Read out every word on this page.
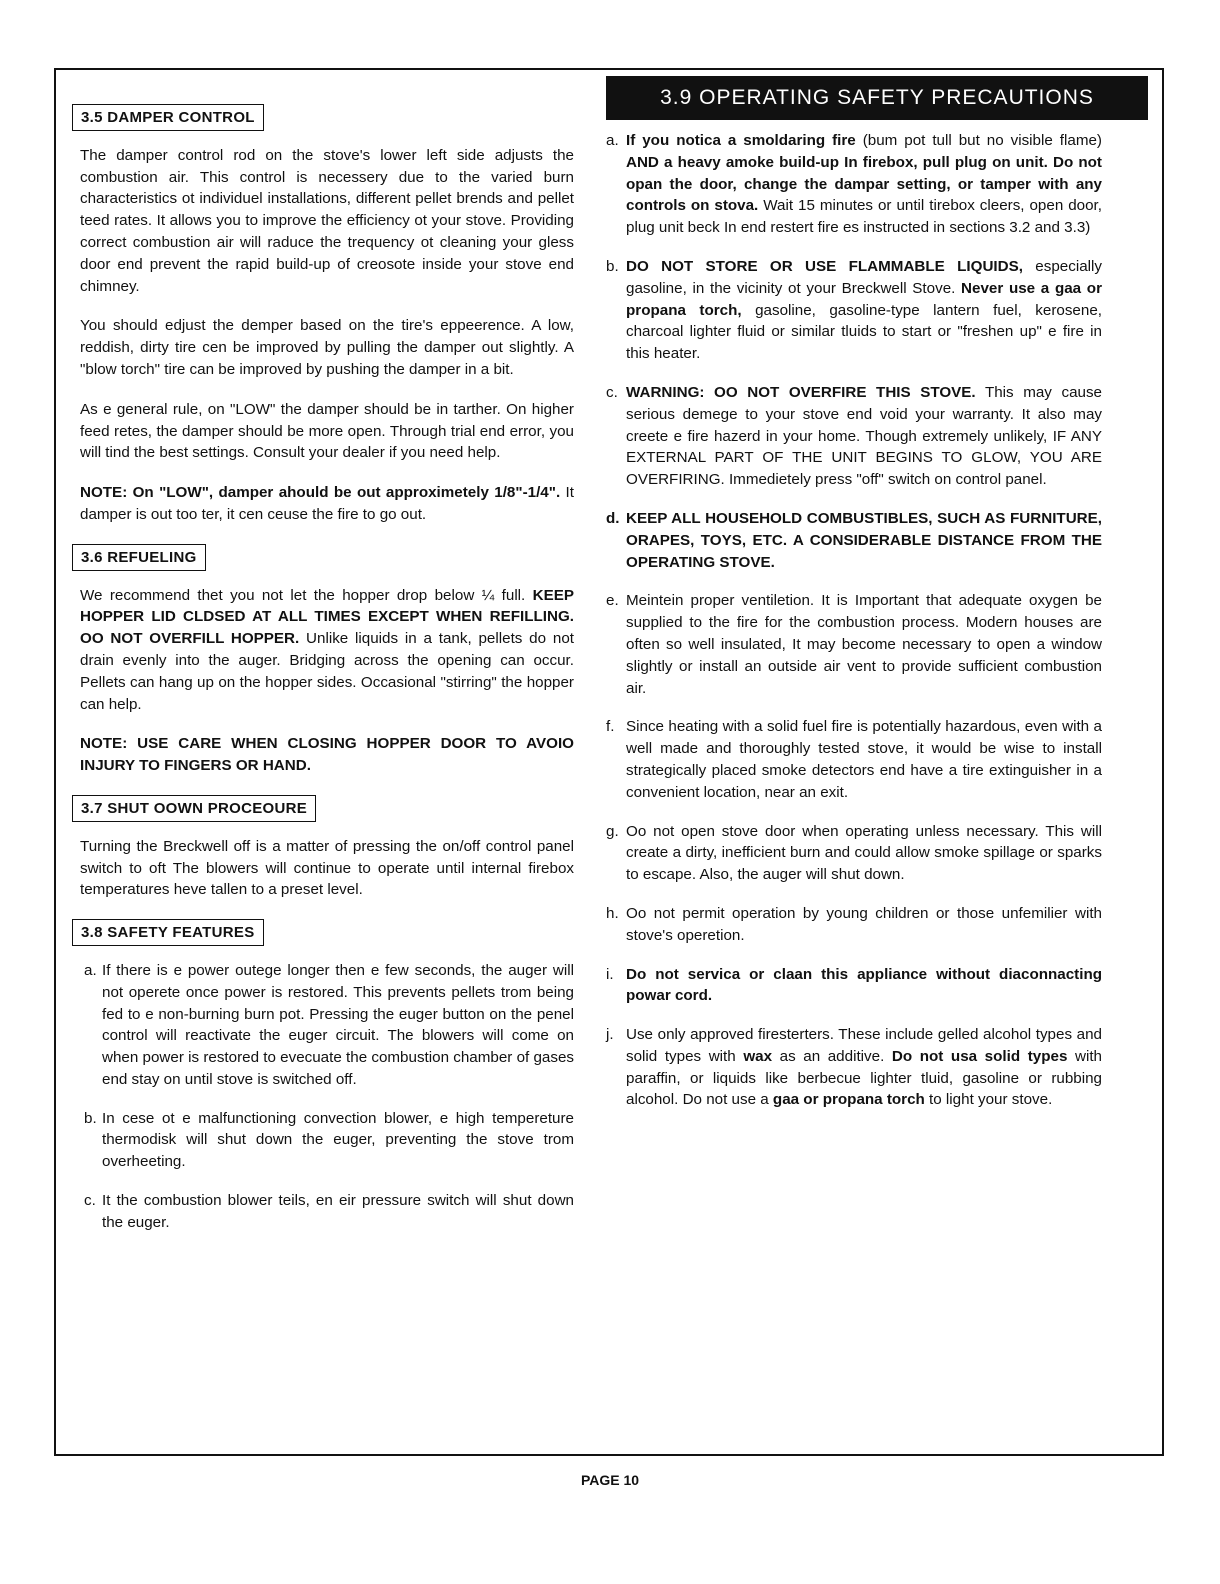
3.5 DAMPER CONTROL

The damper control rod on the stove's lower left side adjusts the combustion air. This control is necessery due to the varied burn characteristics ot individuel installations, different pellet brends and pellet teed rates. It allows you to improve the efficiency ot your stove. Providing correct combustion air will raduce the trequency ot cleaning your gless door end prevent the rapid build-up of creosote inside your stove end chimney.

You should edjust the demper based on the tire's eppeerence. A low, reddish, dirty tire cen be improved by pulling the damper out slightly. A "blow torch" tire can be improved by pushing the damper in a bit.

As e general rule, on "LOW" the damper should be in tarther. On higher feed retes, the damper should be more open. Through trial end error, you will tind the best settings. Consult your dealer if you need help.

NOTE: On "LOW", damper ahould be out approximetely 1/8"-1/4". It damper is out too ter, it cen ceuse the fire to go out.

3.6 REFUELING

We recommend thet you not let the hopper drop below ¼ full. KEEP HOPPER LID CLDSED AT ALL TIMES EXCEPT WHEN REFILLING. OO NOT OVERFILL HOPPER. Unlike liquids in a tank, pellets do not drain evenly into the auger. Bridging across the opening can occur. Pellets can hang up on the hopper sides. Occasional "stirring" the hopper can help.

NOTE: USE CARE WHEN CLOSING HOPPER DOOR TO AVOIO INJURY TO FINGERS OR HAND.

3.7 SHUT OOWN PROCEOURE

Turning the Breckwell off is a matter of pressing the on/off control panel switch to oft The blowers will continue to operate until internal firebox temperatures heve tallen to a preset level.

3.8 SAFETY FEATURES
a. If there is e power outege longer then e few seconds, the auger will not operete once power is restored. This prevents pellets trom being fed to e non-burning burn pot. Pressing the euger button on the penel control will reactivate the euger circuit. The blowers will come on when power is restored to evecuate the combustion chamber of gases end stay on until stove is switched off.
b. In cese ot e malfunctioning convection blower, e high tempereture thermodisk will shut down the euger, preventing the stove trom overheeting.
c. It the combustion blower teils, en eir pressure switch will shut down the euger.
3.9 OPERATING SAFETY PRECAUTIONS
a. If you notica a smoldaring fire (bum pot tull but no visible flame) AND a heavy amoke build-up In firebox, pull plug on unit. Do not opan the door, change the dampar setting, or tamper with any controls on stova. Wait 15 minutes or until tirebox cleers, open door, plug unit beck In end restert fire es instructed in sections 3.2 and 3.3)
b. DO NOT STORE OR USE FLAMMABLE LIQUIDS, especially gasoline, in the vicinity ot your Breckwell Stove. Never use a gaa or propana torch, gasoline, gasoline-type lantern fuel, kerosene, charcoal lighter fluid or similar tluids to start or "freshen up" e fire in this heater.
c. WARNING: OO NOT OVERFIRE THIS STOVE. This may cause serious demege to your stove end void your warranty. It also may creete e fire hazerd in your home. Though extremely unlikely, IF ANY EXTERNAL PART OF THE UNIT BEGINS TO GLOW, YOU ARE OVERFIRING. Immedietely press "off" switch on control panel.
d. KEEP ALL HOUSEHOLD COMBUSTIBLES, SUCH AS FURNITURE, ORAPES, TOYS, ETC. A CONSIDERABLE DISTANCE FROM THE OPERATING STOVE.
e. Meintein proper ventiletion. It is Important that adequate oxygen be supplied to the fire for the combustion process. Modern houses are often so well insulated, It may become necessary to open a window slightly or install an outside air vent to provide sufficient combustion air.
f. Since heating with a solid fuel fire is potentially hazardous, even with a well made and thoroughly tested stove, it would be wise to install strategically placed smoke detectors end have a tire extinguisher in a convenient location, near an exit.
g. Oo not open stove door when operating unless necessary. This will create a dirty, inefficient burn and could allow smoke spillage or sparks to escape. Also, the auger will shut down.
h. Oo not permit operation by young children or those unfemilier with stove's operetion.
i. Do not servica or claan this appliance without diaconnacting powar cord.
j. Use only approved firesterters. These include gelled alcohol types and solid types with wax as an additive. Do not usa solid types with paraffin, or liquids like berbecue lighter tluid, gasoline or rubbing alcohol. Do not use a gaa or propana torch to light your stove.
PAGE 10
